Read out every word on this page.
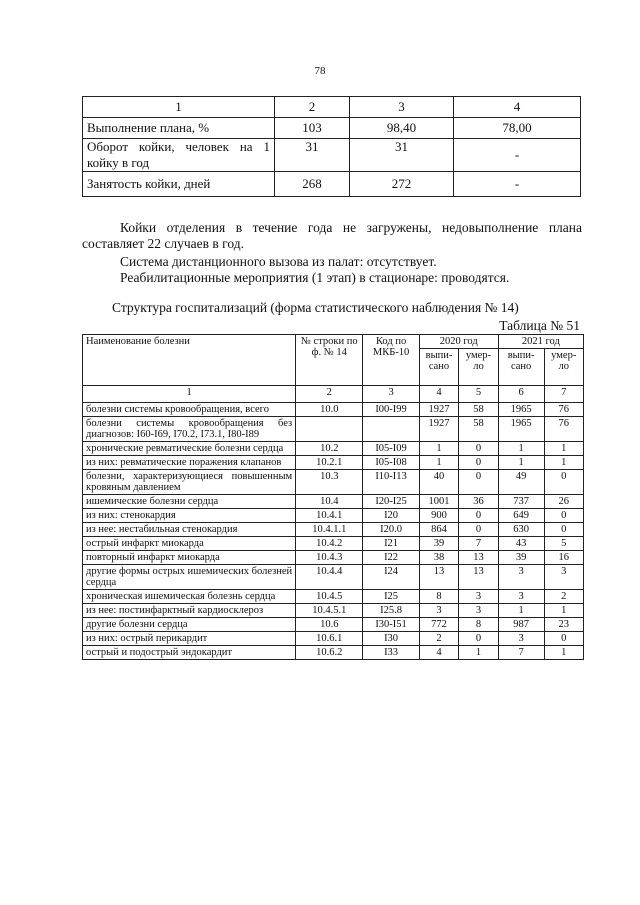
78
1	2	3	4
Выполнение плана, %	103	98,40	78,00
Оборот койки, человек на 1 койку в год	31	31	-
Занятость койки, дней	268	272	-
Койки отделения в течение года не загружены, недовыполнение плана составляет 22 случаев в год.
Система дистанционного вызова из палат: отсутствует.
Реабилитационные мероприятия (1 этап) в стационаре: проводятся.
Структура госпитализаций (форма статистического наблюдения № 14)
Таблица № 51
Наименование болезни	№ строки по ф. № 14	Код по МКБ-10	2020 год		2021 год	
			выпи-сано	умер-ло	выпи-сано	умер-ло
1	2	3	4	5	6	7
болезни системы кровообращения, всего	10.0	I00-I99	1927	58	1965	76
болезни системы кровообращения без диагнозов: I60-I69, I70.2, I73.1, I80-I89			1927	58	1965	76
хронические ревматические болезни сердца	10.2	I05-I09	1	0	1	1
из них: ревматические поражения клапанов	10.2.1	I05-I08	1	0	1	1
болезни, характеризующиеся повышенным кровяным давлением	10.3	I10-I13	40	0	49	0
ишемические болезни сердца	10.4	I20-I25	1001	36	737	26
из них: стенокардия	10.4.1	I20	900	0	649	0
из нее: нестабильная стенокардия	10.4.1.1	I20.0	864	0	630	0
острый инфаркт миокарда	10.4.2	I21	39	7	43	5
повторный инфаркт миокарда	10.4.3	I22	38	13	39	16
другие формы острых ишемических болезней сердца	10.4.4	I24	13	13	3	3
хроническая ишемическая болезнь сердца	10.4.5	I25	8	3	3	2
из нее: постинфарктный кардиосклероз	10.4.5.1	I25.8	3	3	1	1
другие болезни сердца	10.6	I30-I51	772	8	987	23
из них: острый перикардит	10.6.1	I30	2	0	3	0
острый и подострый эндокардит	10.6.2	I33	4	1	7	1
